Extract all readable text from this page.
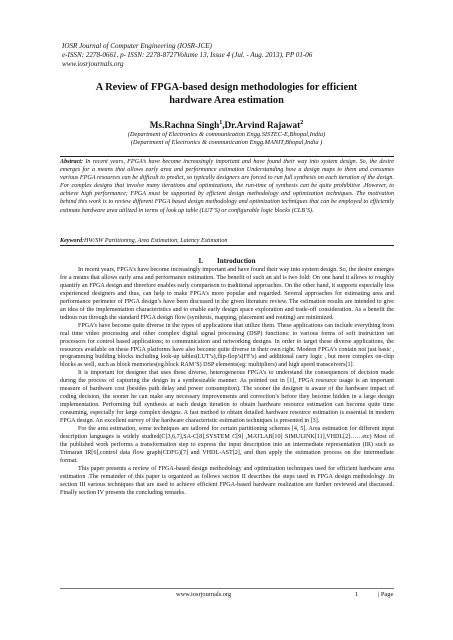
IOSR Journal of Computer Engineering (IOSR-JCE)
e-ISSN: 2278-0661, p- ISSN: 2278-8727Volume 13, Issue 4 (Jul. - Aug. 2013), PP 01-06
www.iosrjournals.org
A Review of FPGA-based design methodologies for efficient
hardware Area estimation
Ms.Rachna Singh$^1$,Dr.Arvind Rajawat$^2$
(Department of Electronics & communication Engg.SISTEC-E,Bhopal,India)
(Department of Electronics & communication Engg.MANIT,Bhopal,India )
Abstract: In recent years, FPGA’s have become increasingly important and have found their way into system design. So, the desire emerges for a means that allows early area and performance estimation Understanding how a design maps to them and consumes various FPGA resources can be difficult to predict, so typically designers are forced to run full synthesis on each iteration of the design. For complex designs that involve many iterations and optimizations, the run-time of synthesis can be quite prohibitive .However, to achieve high performance; FPGA must be supported by efficient design methodology and optimization techniques. The motivation behind this work is to review different FPGA based design methodology and optimization techniques that can be employed to efficiently estimate hardware area utilized in terms of look up table (LUT’S) or configurable logic blocks (CLB’S).
Keyword:HW/SW Partitioning, Area Estimation, Latency Estimation
I. Introduction

In recent years, FPGA’s have become increasingly important and have found their way into system design. So, the desire emerges for a means that allows early area and performance estimation. The benefit of such an aid is two fold: On one hand it allows to roughly quantify an FPGA design and therefore enables early comparison to traditional approaches. On the other hand, it supports especially less experienced designers and thus, can help to make FPGA’s more popular and regarded. Several approaches for estimating area and performance perimeter of FPGA design’s have been discussed in the given literature review. The estimation results are intended to give an idea of the implementation characteristics and to enable early design space exploration and trade-off consideration. As a benefit the tedious run through the standard FPGA design flow (synthesis, mapping, placement and routing) are minimized.

FPGA’s have become quite diverse in the types of applications that utilize them. These applications can include everything from real time video processing and other complex digital signal processing (DSP) functions: to various forms of soft instruction set processors for control based applications; to communication and networking designs. In order to target these diverse applications, the resources available on these FPGA platforms have also become quite diverse in their own right. Modern FPGA’s contain not just basic , programming building blocks including look-up tables(LUT’s),flip-flop’s(FF’s) and additional carry logic , but more complex on-chip blocks as well, such as block memories(eg.block RAM’S) DSP elements(eg: multipliers) and high speed transceivers[1].

It is important for designer that uses these diverse, heterogeneous FPGA’s to understand the consequences of decision made during the process of capturing the design in a synthesizable manner. As pointed out in [1], FPGA resource usage is an important measure of hardware cost (besides path delay and power consumption). The sooner the designer is aware of the hardware impact of coding decision, the sooner he can make any necessary improvements and correction’s before they become hidden in a large design implementation. Performing full synthesis at each design iteration to obtain hardware resource estimation can become quite time consuming, especially for large complex designs. A fast method to obtain detailed hardware resource estimation is essential in modern FPGA design. An excellent survey of the hardware characteristic estimation techniques is presented in [3].

For the area estimation, some techniques are tailored for certain partitioning schemes [4, 5]. Area estimation for different input description languages is widely studied(C[3,6,7],SA-C[8],SYSTEM C[9] ,MATLAB[10] SIMULINK[11],VHDL[2]……etc) Most of the published work performs a transformation step to express the input description into an intermediate representation (IR) such as Trimaran IR[6],control data flow graph(CDFG)[7] and VHDL-AST[2], and then apply the estimation process on the intermediate format.

This paper presents a review of FPGA-based design methodology and optimization techniques used for efficient hardware area estimation .The remainder of this paper is organized as follows section II describes the steps used in FPGA design methodology .In section III various techniques that are used to achieve efficient FPGA-based hardware realization are further reviewed and discussed. Finally section IV presents the concluding remarks.

www.iosrjournals.org	1	| Page
